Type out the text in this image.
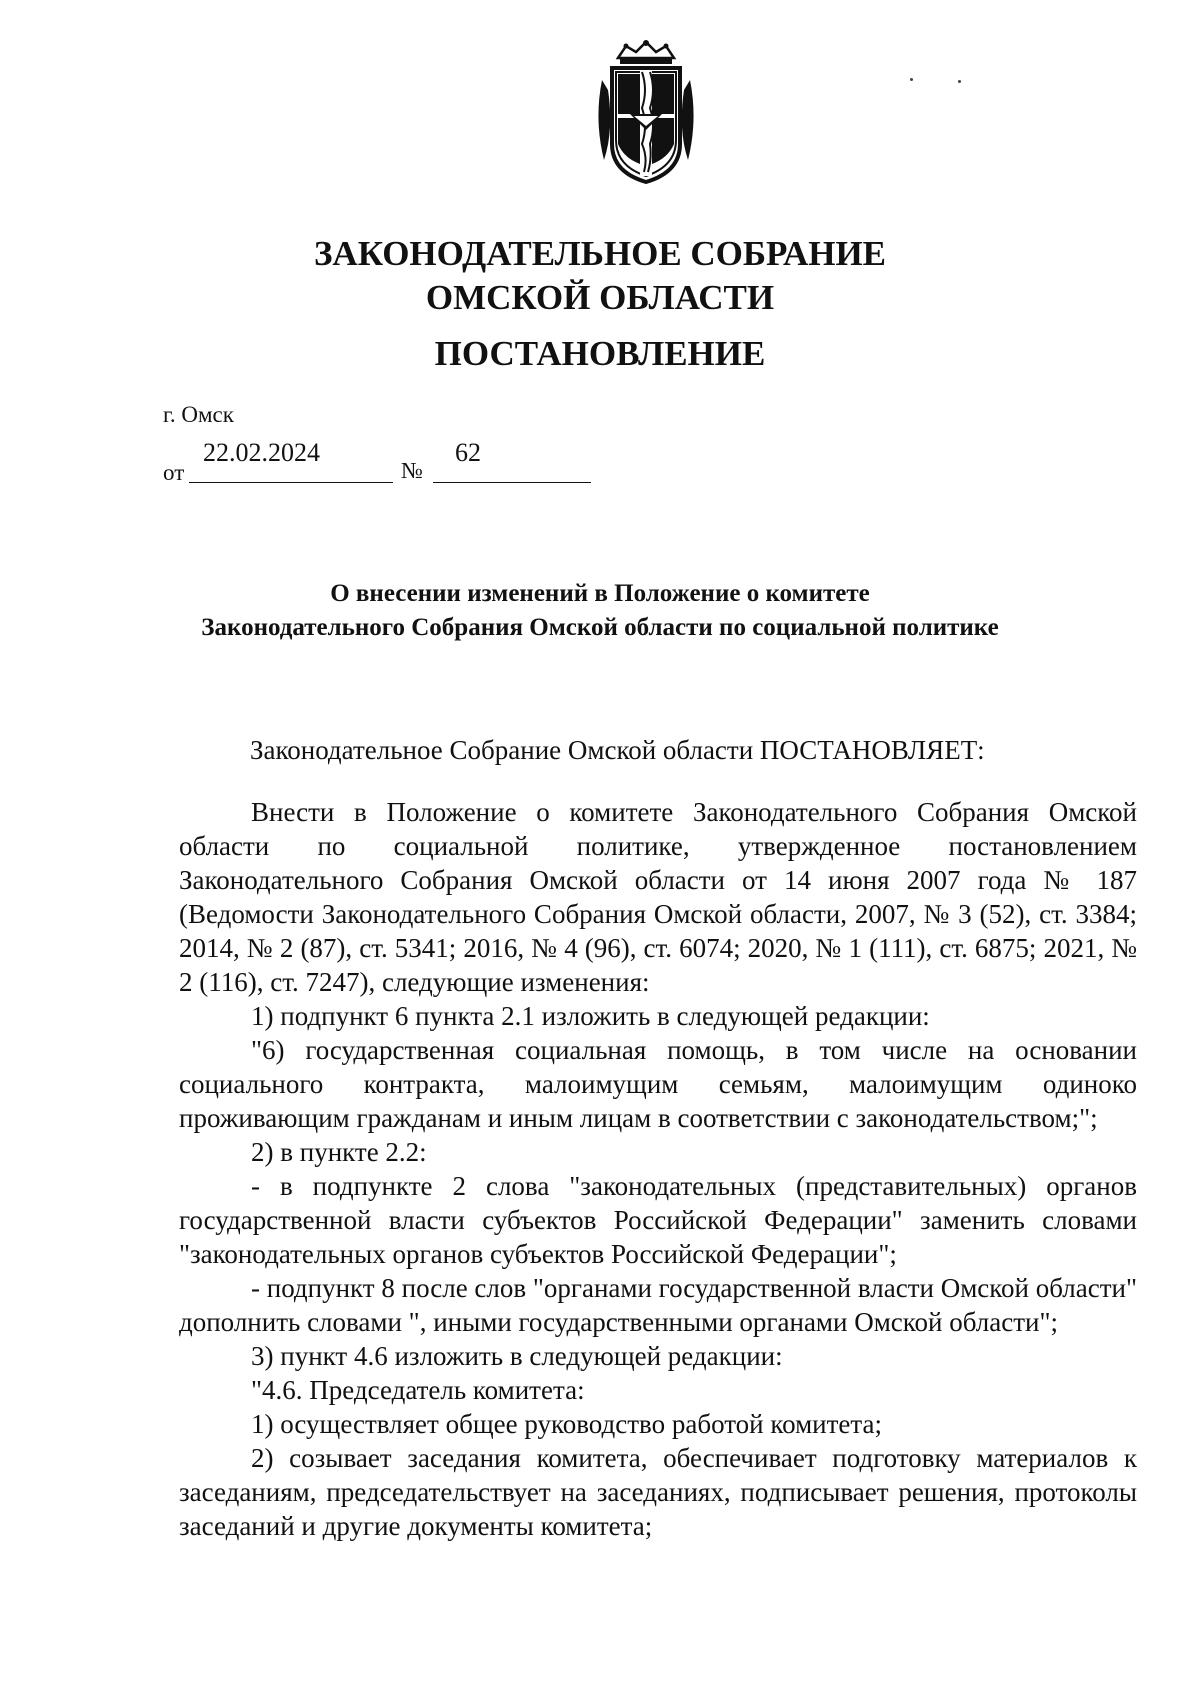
ЗАКОНОДАТЕЛЬНОЕ СОБРАНИЕ
ОМСКОЙ ОБЛАСТИ
ПОСТАНОВЛЕНИЕ
г. Омск
от
22.02.2024
№
62
О внесении изменений в Положение о комитете
Законодательного Собрания Омской области по социальной политике
Законодательное Собрание Омской области ПОСТАНОВЛЯЕТ:

Внести в Положение о комитете Законодательного Собрания Омской области по социальной политике, утвержденное постановлением Законодательного Собрания Омской области от 14 июня 2007 года № 187 (Ведомости Законодательного Собрания Омской области, 2007, № 3 (52), ст. 3384; 2014, № 2 (87), ст. 5341; 2016, № 4 (96), ст. 6074; 2020, № 1 (111), ст. 6875; 2021, № 2 (116), ст. 7247), следующие изменения:

1) подпункт 6 пункта 2.1 изложить в следующей редакции:

"6) государственная социальная помощь, в том числе на основании социального контракта, малоимущим семьям, малоимущим одиноко проживающим гражданам и иным лицам в соответствии с законодательством;";

2) в пункте 2.2:

- в подпункте 2 слова "законодательных (представительных) органов государственной власти субъектов Российской Федерации" заменить словами "законодательных органов субъектов Российской Федерации";

- подпункт 8 после слов "органами государственной власти Омской области" дополнить словами ", иными государственными органами Омской области";

3) пункт 4.6 изложить в следующей редакции:

"4.6. Председатель комитета:

1) осуществляет общее руководство работой комитета;

2) созывает заседания комитета, обеспечивает подготовку материалов к заседаниям, председательствует на заседаниях, подписывает решения, протоколы заседаний и другие документы комитета;
